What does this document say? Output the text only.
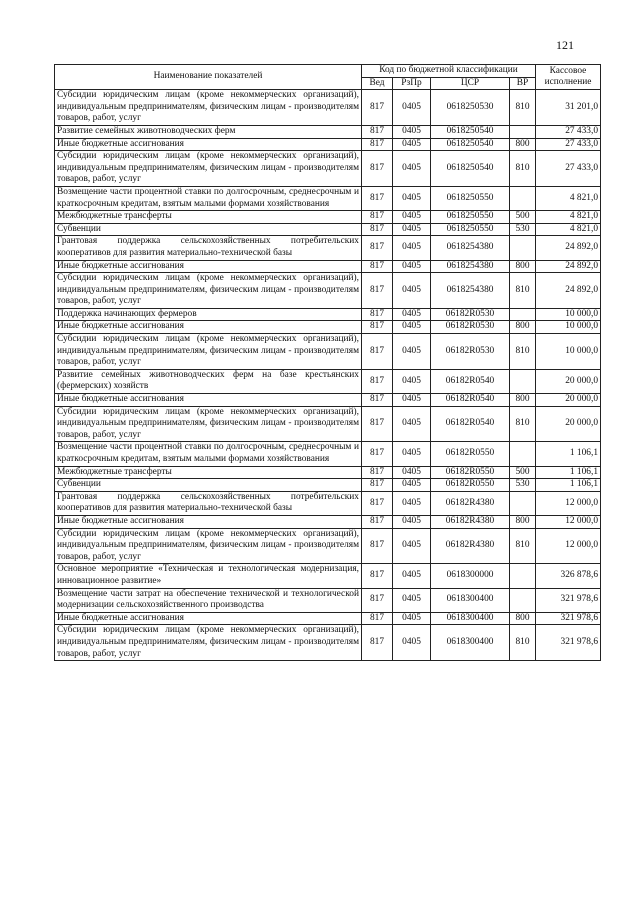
121
Наименование показателей	Код по бюджетной классификации				Кассовое исполнение
	Вед	РзПр	ЦСР	ВР	
Субсидии юридическим лицам (кроме некоммерческих организаций), индивидуальным предпринимателям, физическим лицам - производителям товаров, работ, услуг	817	0405	0618250530	810	31 201,0
Развитие семейных животноводческих ферм	817	0405	0618250540		27 433,0
Иные бюджетные ассигнования	817	0405	0618250540	800	27 433,0
Субсидии юридическим лицам (кроме некоммерческих организаций), индивидуальным предпринимателям, физическим лицам - производителям товаров, работ, услуг	817	0405	0618250540	810	27 433,0
Возмещение части процентной ставки по долгосрочным, среднесрочным и краткосрочным кредитам, взятым малыми формами хозяйствования	817	0405	0618250550		4 821,0
Межбюджетные трансферты	817	0405	0618250550	500	4 821,0
Субвенции	817	0405	0618250550	530	4 821,0
Грантовая поддержка сельскохозяйственных потребительских кооперативов для развития материально-технической базы	817	0405	0618254380		24 892,0
Иные бюджетные ассигнования	817	0405	0618254380	800	24 892,0
Субсидии юридическим лицам (кроме некоммерческих организаций), индивидуальным предпринимателям, физическим лицам - производителям товаров, работ, услуг	817	0405	0618254380	810	24 892,0
Поддержка начинающих фермеров	817	0405	06182R0530		10 000,0
Иные бюджетные ассигнования	817	0405	06182R0530	800	10 000,0
Субсидии юридическим лицам (кроме некоммерческих организаций), индивидуальным предпринимателям, физическим лицам - производителям товаров, работ, услуг	817	0405	06182R0530	810	10 000,0
Развитие семейных животноводческих ферм на базе крестьянских (фермерских) хозяйств	817	0405	06182R0540		20 000,0
Иные бюджетные ассигнования	817	0405	06182R0540	800	20 000,0
Субсидии юридическим лицам (кроме некоммерческих организаций), индивидуальным предпринимателям, физическим лицам - производителям товаров, работ, услуг	817	0405	06182R0540	810	20 000,0
Возмещение части процентной ставки по долгосрочным, среднесрочным и краткосрочным кредитам, взятым малыми формами хозяйствования	817	0405	06182R0550		1 106,1
Межбюджетные трансферты	817	0405	06182R0550	500	1 106,1
Субвенции	817	0405	06182R0550	530	1 106,1
Грантовая поддержка сельскохозяйственных потребительских кооперативов для развития материально-технической базы	817	0405	06182R4380		12 000,0
Иные бюджетные ассигнования	817	0405	06182R4380	800	12 000,0
Субсидии юридическим лицам (кроме некоммерческих организаций), индивидуальным предпринимателям, физическим лицам - производителям товаров, работ, услуг	817	0405	06182R4380	810	12 000,0
Основное мероприятие «Техническая и технологическая модернизация, инновационное развитие»	817	0405	0618300000		326 878,6
Возмещение части затрат на обеспечение технической и технологической модернизации сельскохозяйственного производства	817	0405	0618300400		321 978,6
Иные бюджетные ассигнования	817	0405	0618300400	800	321 978,6
Субсидии юридическим лицам (кроме некоммерческих организаций), индивидуальным предпринимателям, физическим лицам - производителям товаров, работ, услуг	817	0405	0618300400	810	321 978,6
